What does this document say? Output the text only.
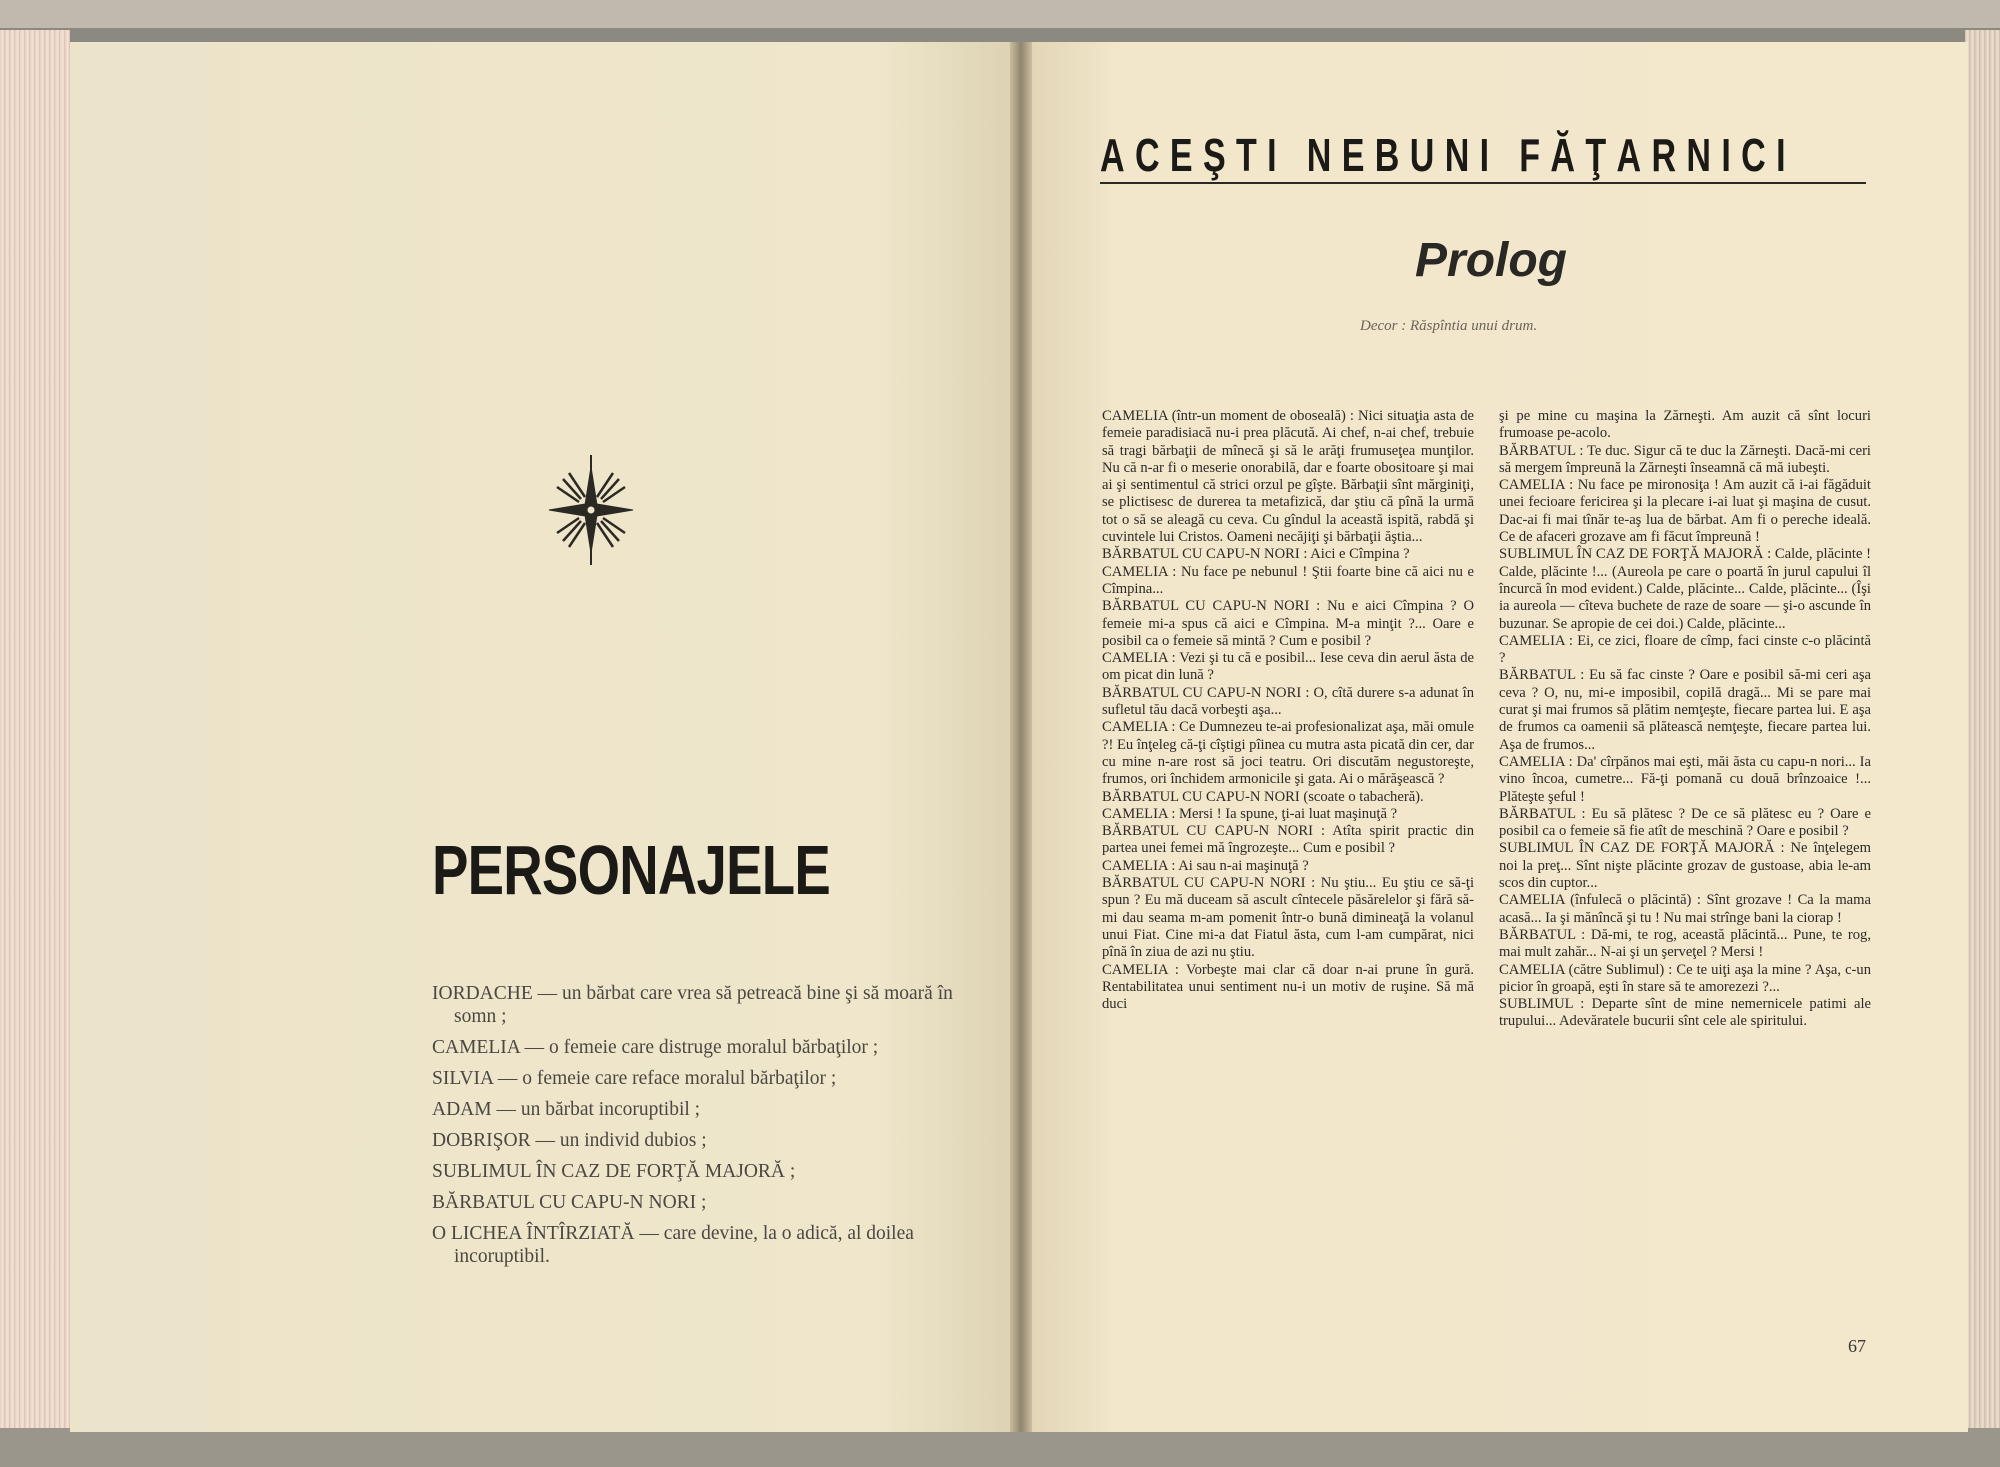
PERSONAJELE
IORDACHE — un bărbat care vrea să petreacă bine şi să moară în somn ;
CAMELIA — o femeie care distruge moralul bărbaţilor ;
SILVIA — o femeie care reface moralul bărbaţilor ;
ADAM — un bărbat incoruptibil ;
DOBRIŞOR — un individ dubios ;
SUBLIMUL ÎN CAZ DE FORŢĂ MAJORĂ ;
BĂRBATUL CU CAPU-N NORI ;
O LICHEA ÎNTÎRZIATĂ — care devine, la o adică, al doilea incoruptibil.
ACEŞTI NEBUNI FĂŢARNICI
Prolog
Decor : Răspîntia unui drum.

CAMELIA (într-un moment de oboseală) : Nici situaţia asta de femeie paradisiacă nu-i prea plăcută. Ai chef, n-ai chef, trebuie să tragi bărbaţii de mînecă şi să le arăţi frumuseţea munţilor. Nu că n-ar fi o meserie onorabilă, dar e foarte obositoare şi mai ai şi sentimentul că strici orzul pe gîşte. Bărbaţii sînt mărginiţi, se plictisesc de durerea ta metafizică, dar ştiu că pînă la urmă tot o să se aleagă cu ceva. Cu gîndul la această ispită, rabdă şi cuvintele lui Cristos. Oameni necăjiţi şi bărbaţii ăştia...

BĂRBATUL CU CAPU-N NORI : Aici e Cîmpina ?

CAMELIA : Nu face pe nebunul ! Ştii foarte bine că aici nu e Cîmpina...

BĂRBATUL CU CAPU-N NORI : Nu e aici Cîmpina ? O femeie mi-a spus că aici e Cîmpina. M-a minţit ?... Oare e posibil ca o femeie să mintă ? Cum e posibil ?

CAMELIA : Vezi şi tu că e posibil... Iese ceva din aerul ăsta de om picat din lună ?

BĂRBATUL CU CAPU-N NORI : O, cîtă durere s-a adunat în sufletul tău dacă vorbeşti aşa...

CAMELIA : Ce Dumnezeu te-ai profesionalizat aşa, măi omule ?! Eu înţeleg că-ţi cîştigi pîinea cu mutra asta picată din cer, dar cu mine n-are rost să joci teatru. Ori discutăm negustoreşte, frumos, ori închidem armonicile şi gata. Ai o mărăşească ?

BĂRBATUL CU CAPU-N NORI (scoate o tabacheră).

CAMELIA : Mersi ! Ia spune, ţi-ai luat maşinuţă ?

BĂRBATUL CU CAPU-N NORI : Atîta spirit practic din partea unei femei mă îngrozeşte... Cum e posibil ?

CAMELIA : Ai sau n-ai maşinuţă ?

BĂRBATUL CU CAPU-N NORI : Nu ştiu... Eu ştiu ce să-ţi spun ? Eu mă duceam să ascult cîntecele păsărelelor şi fără să-mi dau seama m-am pomenit într-o bună dimineaţă la volanul unui Fiat. Cine mi-a dat Fiatul ăsta, cum l-am cumpărat, nici pînă în ziua de azi nu ştiu.

CAMELIA : Vorbeşte mai clar că doar n-ai prune în gură. Rentabilitatea unui sentiment nu-i un motiv de ruşine. Să mă duci

şi pe mine cu maşina la Zărneşti. Am auzit că sînt locuri frumoase pe-acolo.

BĂRBATUL : Te duc. Sigur că te duc la Zărneşti. Dacă-mi ceri să mergem împreună la Zărneşti înseamnă că mă iubeşti.

CAMELIA : Nu face pe mironosiţa ! Am auzit că i-ai făgăduit unei fecioare fericirea şi la plecare i-ai luat şi maşina de cusut. Dac-ai fi mai tînăr te-aş lua de bărbat. Am fi o pereche ideală. Ce de afaceri grozave am fi făcut împreună !

SUBLIMUL ÎN CAZ DE FORŢĂ MAJORĂ : Calde, plăcinte ! Calde, plăcinte !... (Aureola pe care o poartă în jurul capului îl încurcă în mod evident.) Calde, plăcinte... Calde, plăcinte... (Îşi ia aureola — cîteva buchete de raze de soare — şi-o ascunde în buzunar. Se apropie de cei doi.) Calde, plăcinte...

CAMELIA : Ei, ce zici, floare de cîmp, faci cinste c-o plăcintă ?

BĂRBATUL : Eu să fac cinste ? Oare e posibil să-mi ceri aşa ceva ? O, nu, mi-e imposibil, copilă dragă... Mi se pare mai curat şi mai frumos să plătim nemţeşte, fiecare partea lui. E aşa de frumos ca oamenii să plătească nemţeşte, fiecare partea lui. Aşa de frumos...

CAMELIA : Da' cîrpănos mai eşti, măi ăsta cu capu-n nori... Ia vino încoa, cumetre... Fă-ţi pomană cu două brînzoaice !... Plăteşte şeful !

BĂRBATUL : Eu să plătesc ? De ce să plătesc eu ? Oare e posibil ca o femeie să fie atît de meschină ? Oare e posibil ?

SUBLIMUL ÎN CAZ DE FORŢĂ MAJORĂ : Ne înţelegem noi la preţ... Sînt nişte plăcinte grozav de gustoase, abia le-am scos din cuptor...

CAMELIA (înfulecă o plăcintă) : Sînt grozave ! Ca la mama acasă... Ia şi mănîncă şi tu ! Nu mai strînge bani la ciorap !

BĂRBATUL : Dă-mi, te rog, această plăcintă... Pune, te rog, mai mult zahăr... N-ai şi un şerveţel ? Mersi !

CAMELIA (către Sublimul) : Ce te uiţi aşa la mine ? Aşa, c-un picior în groapă, eşti în stare să te amorezezi ?...

SUBLIMUL : Departe sînt de mine nemernicele patimi ale trupului... Adevăratele bucurii sînt cele ale spiritului.

67
